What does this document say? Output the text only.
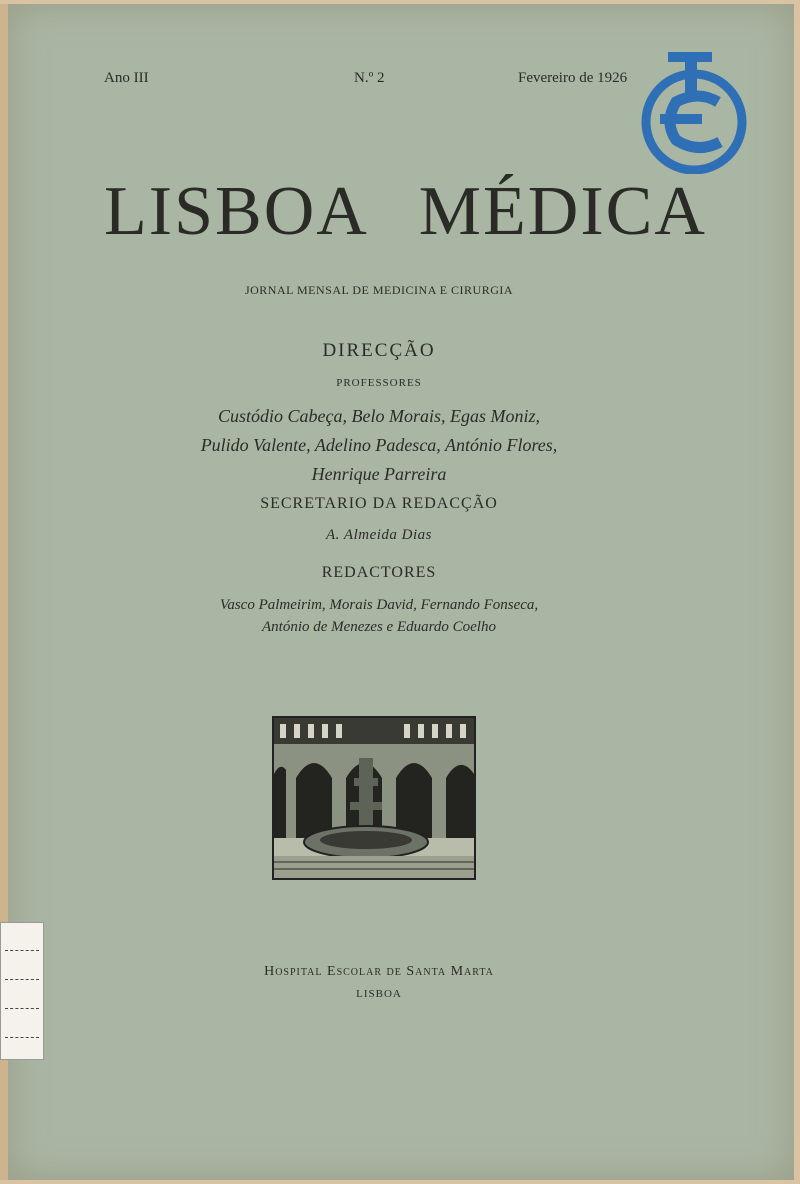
Ano III	N.º 2	Fevereiro de 1926
LISBOA MÉDICA
JORNAL MENSAL DE MEDICINA E CIRURGIA
DIRECÇÃO
PROFESSORES
Custódio Cabeça, Belo Morais, Egas Moniz,
Pulido Valente, Adelino Padesca, António Flores,
Henrique Parreira
SECRETARIO DA REDACÇÃO
A. Almeida Dias
REDACTORES
Vasco Palmeirim, Morais David, Fernando Fonseca,
António de Menezes e Eduardo Coelho
Hospital Escolar de Santa Marta
LISBOA
